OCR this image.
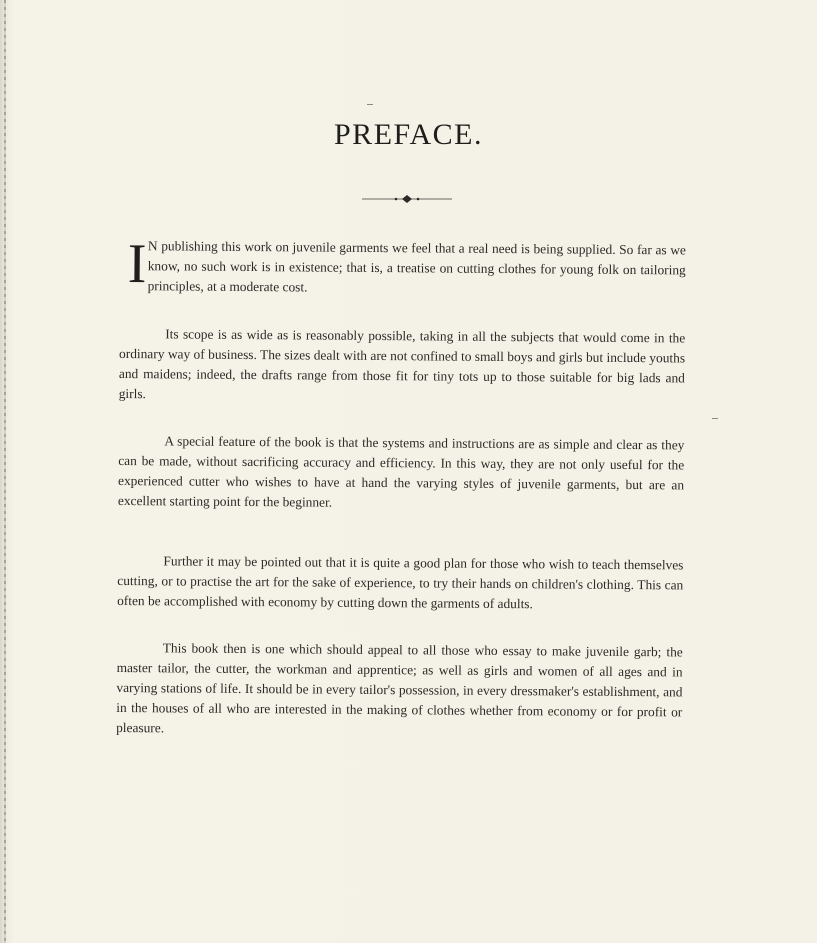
PREFACE.

I N publishing this work on juvenile garments we feel that a real need is being supplied. So far as we know, no such work is in existence; that is, a treatise on cutting clothes for young folk on tailoring principles, at a moderate cost.

Its scope is as wide as is reasonably possible, taking in all the subjects that would come in the ordinary way of business. The sizes dealt with are not confined to small boys and girls but include youths and maidens; indeed, the drafts range from those fit for tiny tots up to those suitable for big lads and girls.

A special feature of the book is that the systems and instructions are as simple and clear as they can be made, without sacrificing accuracy and efficiency. In this way, they are not only useful for the experienced cutter who wishes to have at hand the varying styles of juvenile garments, but are an excellent starting point for the beginner.

Further it may be pointed out that it is quite a good plan for those who wish to teach themselves cutting, or to practise the art for the sake of experience, to try their hands on children's clothing. This can often be accomplished with economy by cutting down the garments of adults.

This book then is one which should appeal to all those who essay to make juvenile garb; the master tailor, the cutter, the workman and apprentice; as well as girls and women of all ages and in varying stations of life. It should be in every tailor's possession, in every dressmaker's establishment, and in the houses of all who are interested in the making of clothes whether from economy or for profit or pleasure.
